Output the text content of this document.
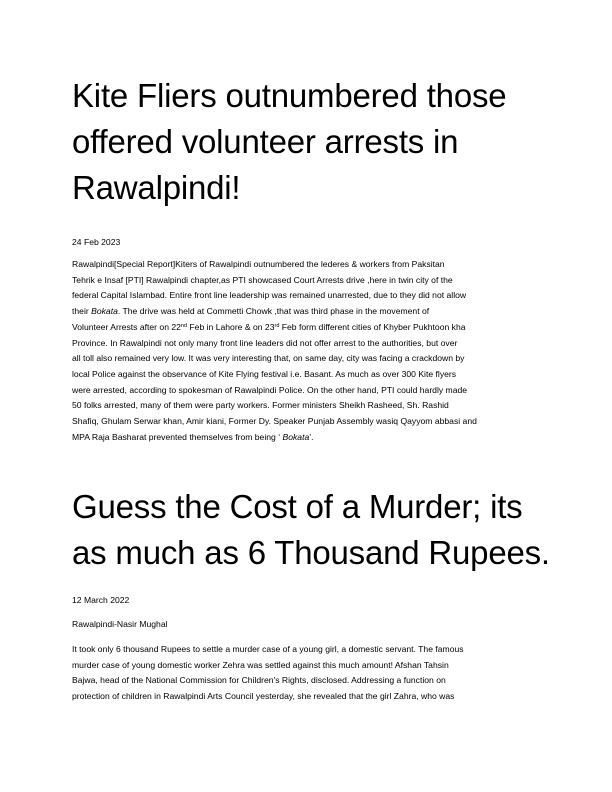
Kite Fliers outnumbered those
offered volunteer arrests in
Rawalpindi!

24 Feb 2023

Rawalpindi[Special Report]Kiters of Rawalpindi outnumbered the lederes & workers from Paksitan
Tehrik e Insaf [PTI] Rawalpindi chapter,as PTI showcased Court Arrests drive ,here in twin city of the
federal Capital Islambad. Entire front line leadership was remained unarrested, due to they did not allow
their Bokata. The drive was held at Commetti Chowk ,that was third phase in the movement of
Volunteer Arrests after on 22nd Feb in Lahore & on 23rd Feb form different cities of Khyber Pukhtoon kha
Province. In Rawalpindi not only many front line leaders did not offer arrest to the authorities, but over
all toll also remained very low. It was very interesting that, on same day, city was facing a crackdown by
local Police against the observance of Kite Flying festival i.e. Basant. As much as over 300 Kite flyers
were arrested, according to spokesman of Rawalpindi Police. On the other hand, PTI could hardly made
50 folks arrested, many of them were party workers. Former ministers Sheikh Rasheed, Sh. Rashid
Shafiq, Ghulam Serwar khan, Amir kiani, Former Dy. Speaker Punjab Assembly wasiq Qayyom abbasi and
MPA Raja Basharat prevented themselves from being ‘ Bokata’.
Guess the Cost of a Murder; its
as much as 6 Thousand Rupees.

12 March 2022

Rawalpindi-Nasir Mughal

It took only 6 thousand Rupees to settle a murder case of a young girl, a domestic servant. The famous
murder case of young domestic worker Zehra was settled against this much amount! Afshan Tahsin
Bajwa, head of the National Commission for Children's Rights, disclosed. Addressing a function on
protection of children in Rawalpindi Arts Council yesterday, she revealed that the girl Zahra, who was
